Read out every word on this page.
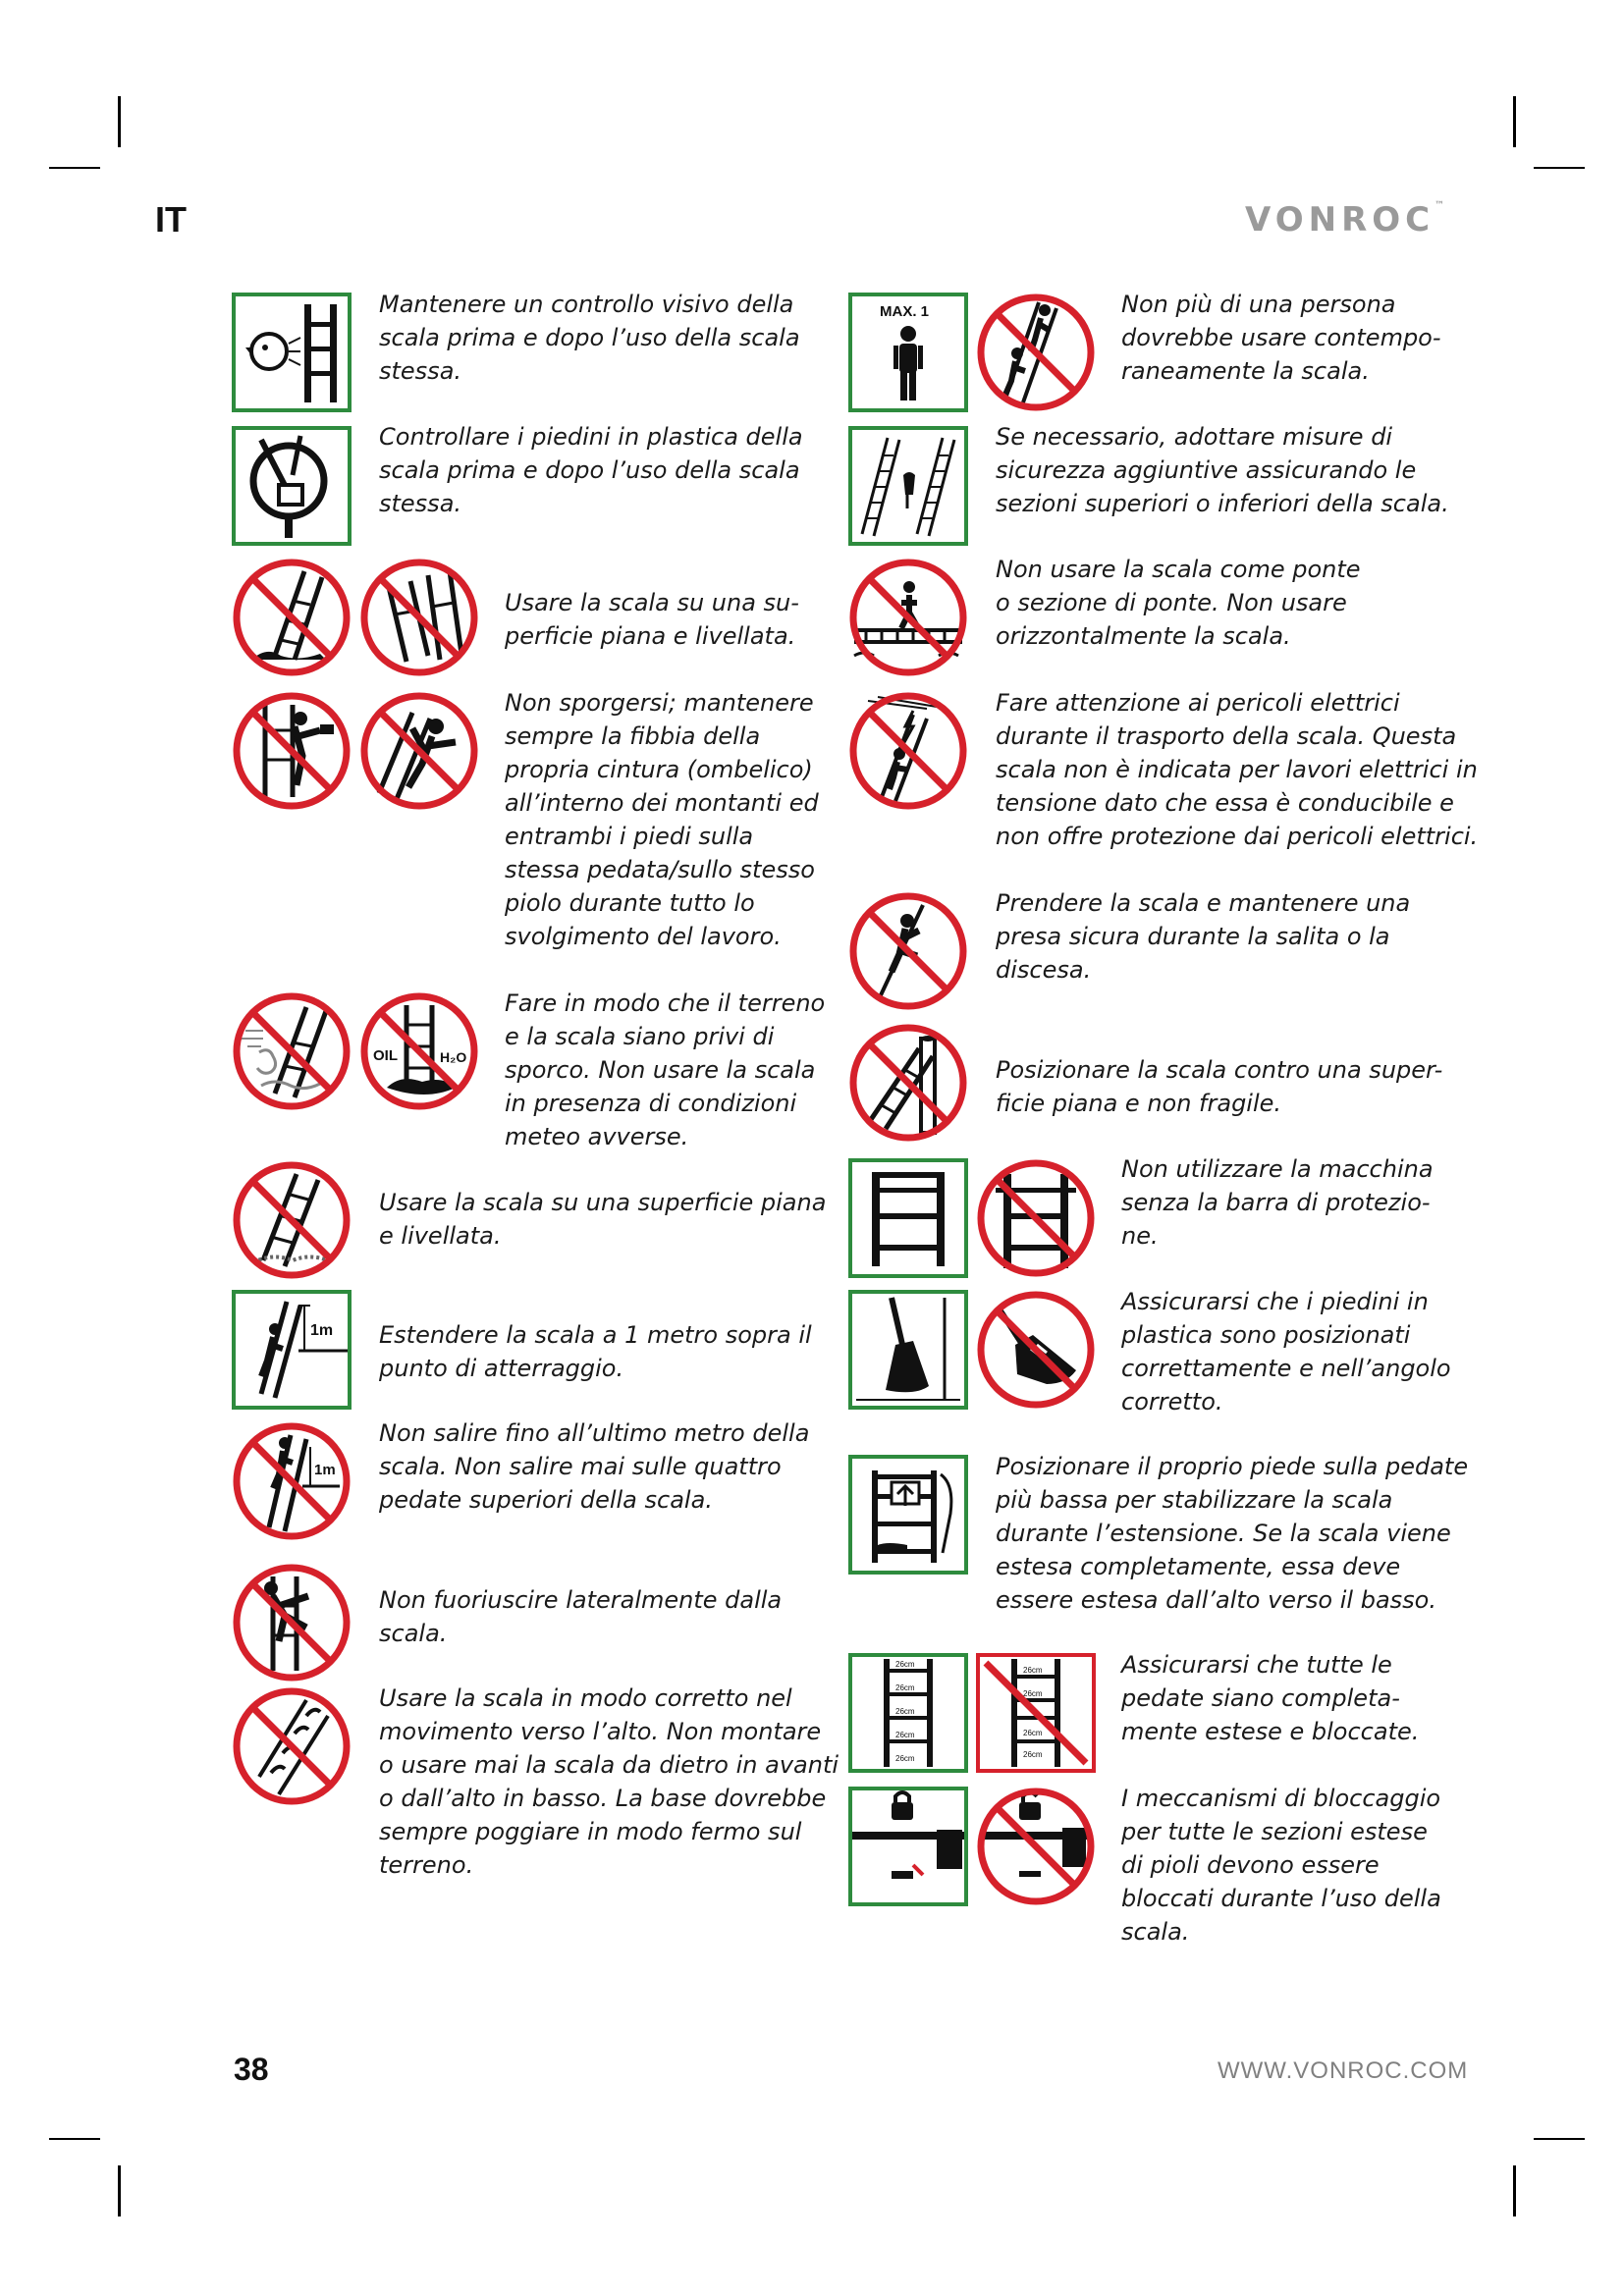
IT	VONROC™
38	WWW.VONROC.COM
Mantenere un controllo visivo della
scala prima e dopo l’uso della scala
stessa.
Controllare i piedini in plastica della
scala prima e dopo l’uso della scala
stessa.
Usare la scala su una su-
perficie piana e livellata.
Non sporgersi; mantenere
sempre la fibbia della
propria cintura (ombelico)
all’interno dei montanti ed
entrambi i piedi sulla
stessa pedata/sullo stesso
piolo durante tutto lo
svolgimento del lavoro.
OIL	H₂O
Fare in modo che il terreno
e la scala siano privi di
sporco. Non usare la scala
in presenza di condizioni
meteo avverse.
Usare la scala su una superficie piana
e livellata.
1m Estendere la scala a 1 metro sopra il
punto di atterraggio.
1m
Non salire fino all’ultimo metro della
scala. Non salire mai sulle quattro
pedate superiori della scala.
Non fuoriuscire lateralmente dalla
scala.
Usare la scala in modo corretto nel
movimento verso l’alto. Non montare
o usare mai la scala da dietro in avanti
o dall’alto in basso. La base dovrebbe
sempre poggiare in modo fermo sul
terreno.
MAX. 1	Non più di una persona
dovrebbe usare contempo-
raneamente la scala.
Se necessario, adottare misure di
sicurezza aggiuntive assicurando le
sezioni superiori o inferiori della scala.
Non usare la scala come ponte
o sezione di ponte. Non usare
orizzontalmente la scala.
Fare attenzione ai pericoli elettrici
durante il trasporto della scala. Questa
scala non è indicata per lavori elettrici in
tensione dato che essa è conducibile e
non offre protezione dai pericoli elettrici.
Prendere la scala e mantenere una
presa sicura durante la salita o la
discesa.
Posizionare la scala contro una super-
ficie piana e non fragile.
Non utilizzare la macchina
senza la barra di protezio-
ne.
Assicurarsi che i piedini in
plastica sono posizionati
correttamente e nell’angolo
corretto.
Posizionare il proprio piede sulla pedate
più bassa per stabilizzare la scala
durante l’estensione. Se la scala viene
estesa completamente, essa deve
essere estesa dall’alto verso il basso.
26cm
26cm
26cm
26cm
26cm
26cm
26cm
26cm
26cm
Assicurarsi che tutte le
pedate siano completa-
mente estese e bloccate.
I meccanismi di bloccaggio
per tutte le sezioni estese
di pioli devono essere
bloccati durante l’uso della
scala.
